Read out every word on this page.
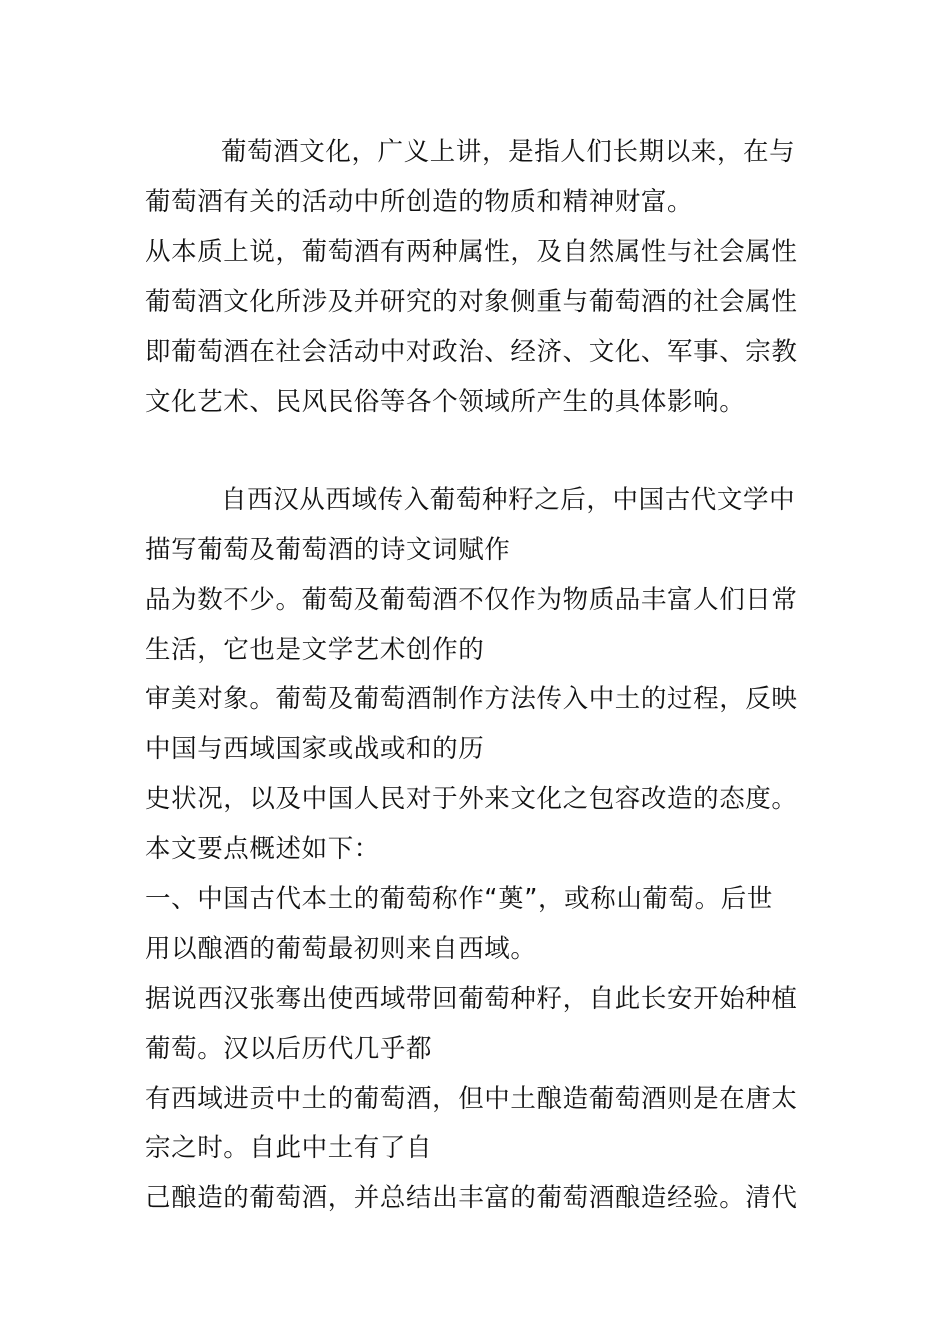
葡萄酒文化，广义上讲，是指人们长期以来，在与

葡萄酒有关的活动中所创造的物质和精神财富。

从本质上说，葡萄酒有两种属性，及自然属性与社会属性

葡萄酒文化所涉及并研究的对象侧重与葡萄酒的社会属性

即葡萄酒在社会活动中对政治、经济、文化、军事、宗教

文化艺术、民风民俗等各个领域所产生的具体影响。

自西汉从西域传入葡萄种籽之后，中国古代文学中

描写葡萄及葡萄酒的诗文词赋作

品为数不少。葡萄及葡萄酒不仅作为物质品丰富人们日常

生活，它也是文学艺术创作的

审美对象。葡萄及葡萄酒制作方法传入中土的过程，反映

中国与西域国家或战或和的历

史状况，以及中国人民对于外来文化之包容改造的态度。

本文要点概述如下：

一、中国古代本土的葡萄称作“薁”，或称山葡萄。后世

用以酿酒的葡萄最初则来自西域。

据说西汉张骞出使西域带回葡萄种籽，自此长安开始种植

葡萄。汉以后历代几乎都

有西域进贡中土的葡萄酒，但中土酿造葡萄酒则是在唐太

宗之时。自此中土有了自

己酿造的葡萄酒，并总结出丰富的葡萄酒酿造经验。清代
